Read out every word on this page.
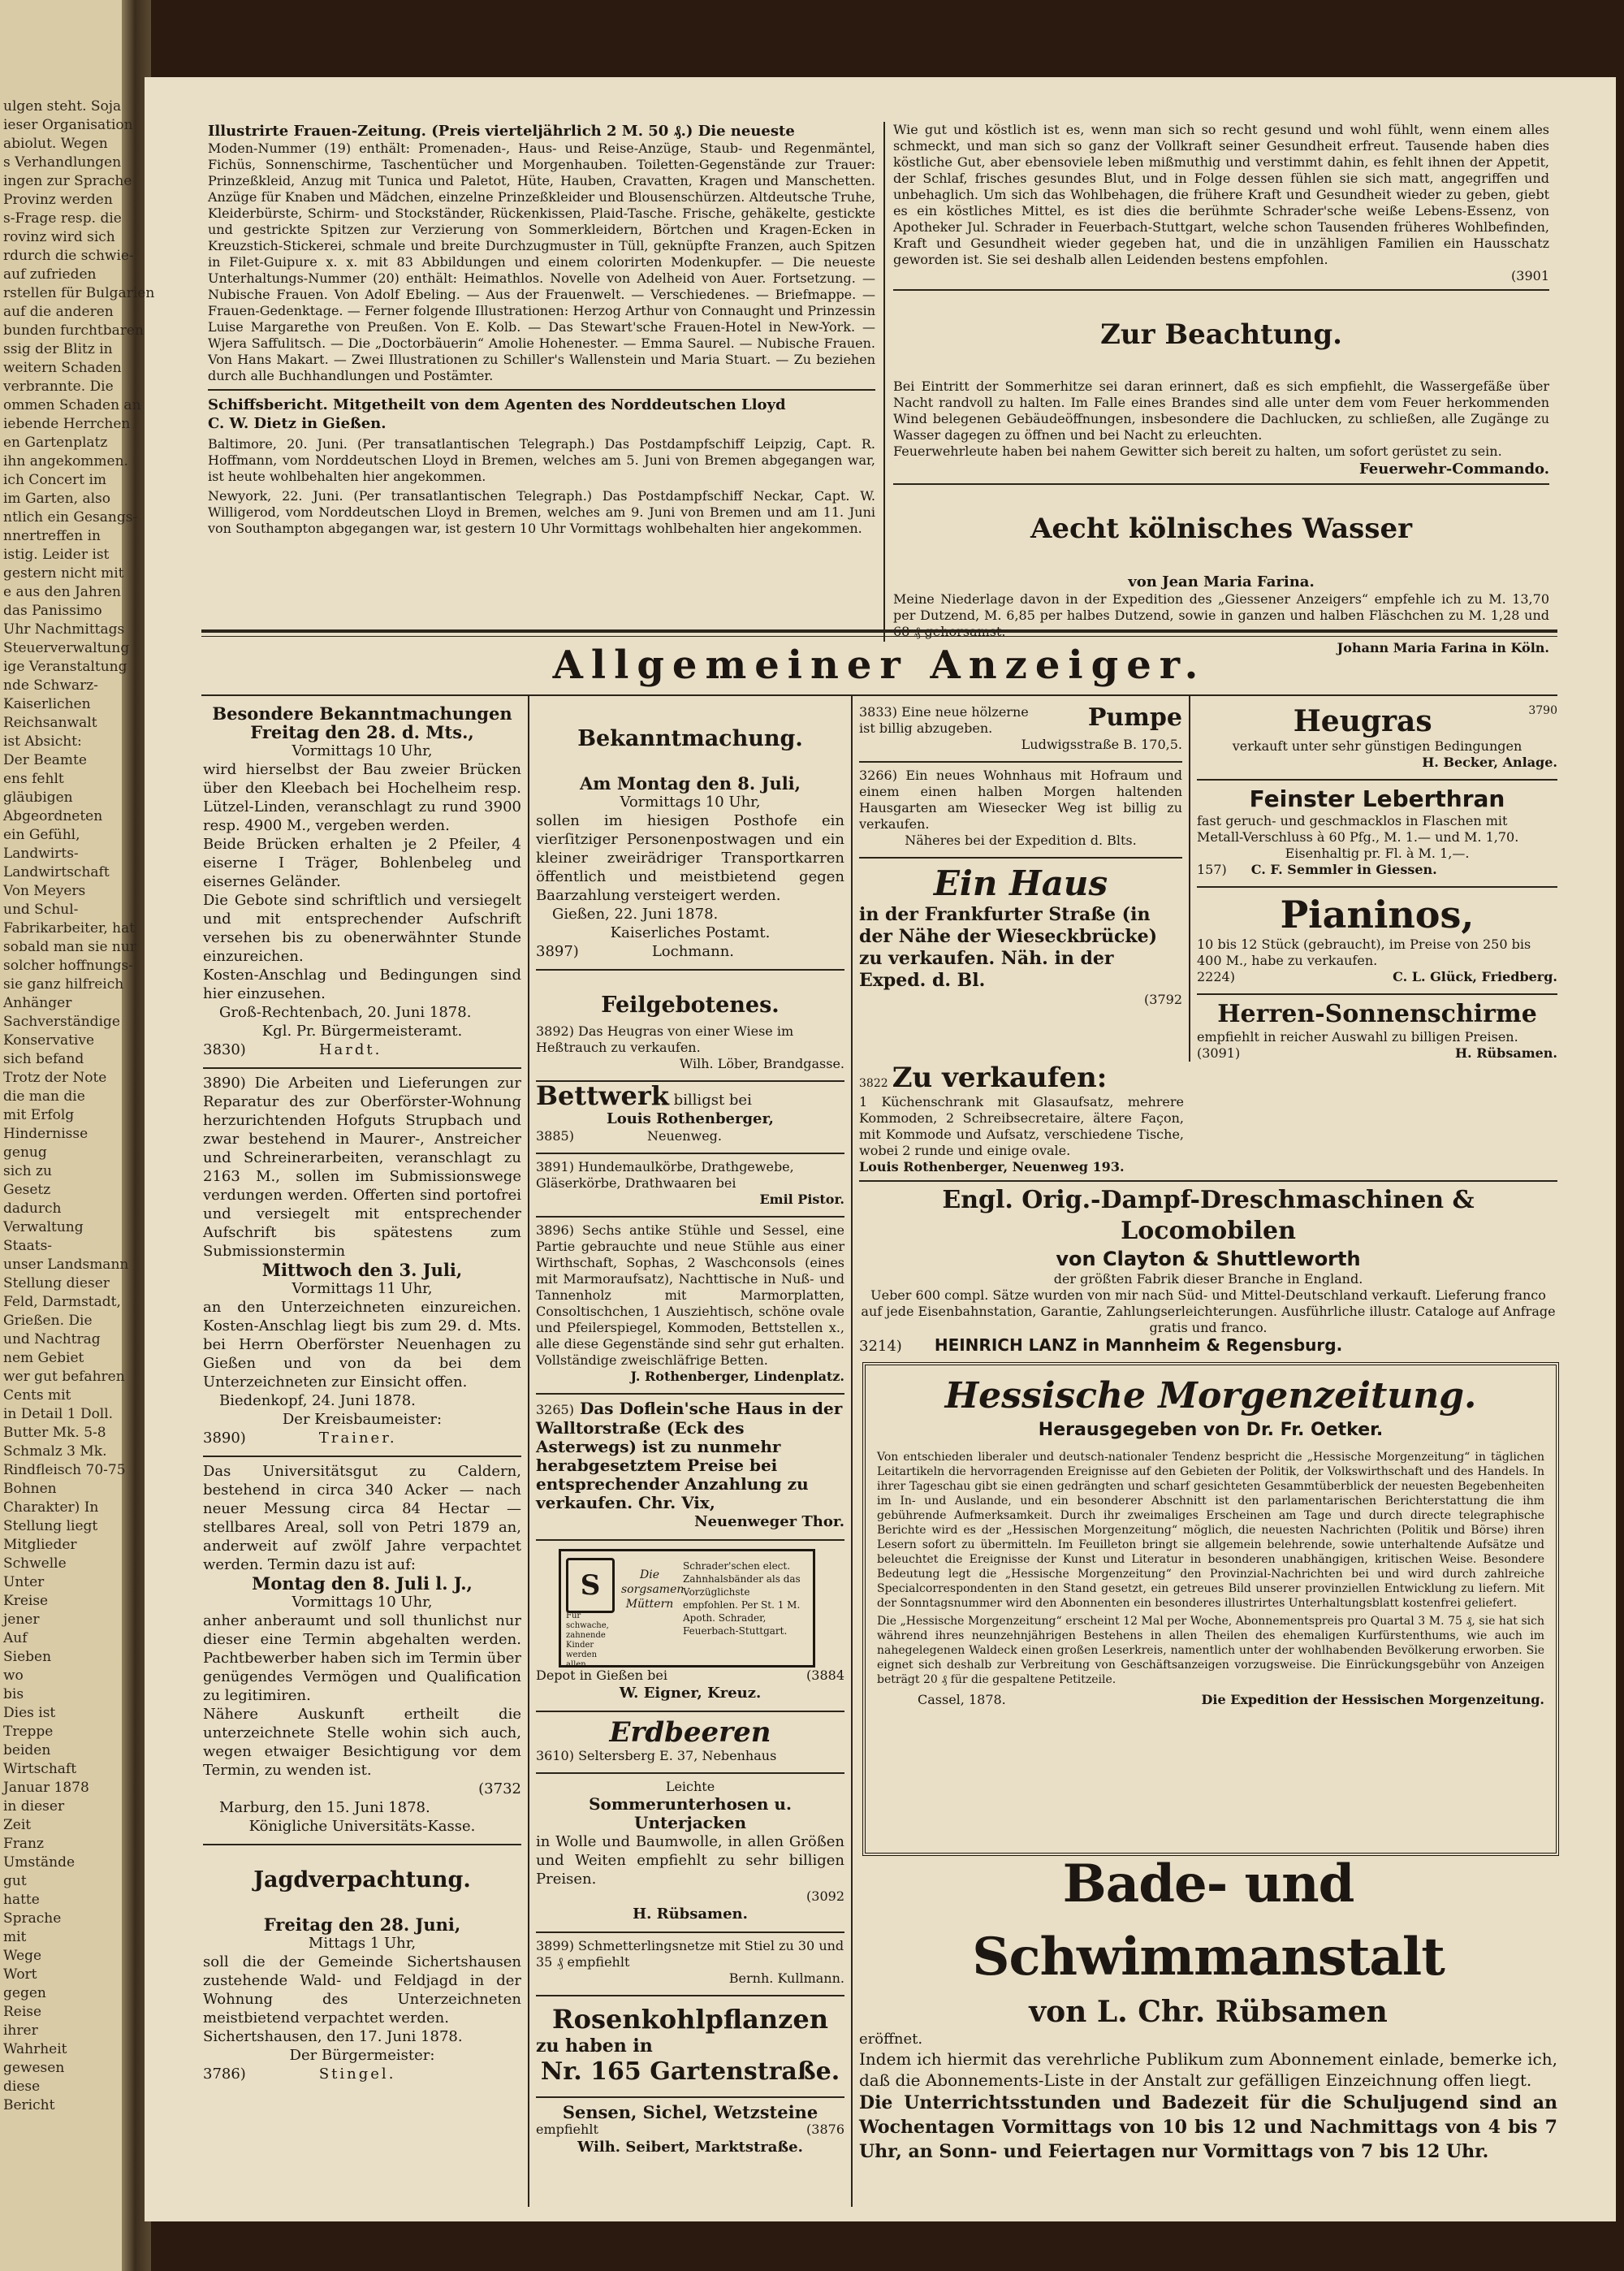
Illustrirte Frauen-Zeitung. (Preis vierteljährlich 2 M. 50 ₰.) Die neueste

Moden-Nummer (19) enthält: Promenaden-, Haus- und Reise-Anzüge, Staub- und Regenmäntel, Fichüs, Sonnenschirme, Taschentücher und Morgenhauben. Toiletten-Gegenstände zur Trauer: Prinzeßkleid, Anzug mit Tunica und Paletot, Hüte, Hauben, Cravatten, Kragen und Manschetten. Anzüge für Knaben und Mädchen, einzelne Prinzeßkleider und Blousenschürzen. Altdeutsche Truhe, Kleiderbürste, Schirm- und Stockständer, Rückenkissen, Plaid-Tasche. Frische, gehäkelte, gestickte und gestrickte Spitzen zur Verzierung von Sommerkleidern, Börtchen und Kragen-Ecken in Kreuzstich-Stickerei, schmale und breite Durchzugmuster in Tüll, geknüpfte Franzen, auch Spitzen in Filet-Guipure x. x. mit 83 Abbildungen und einem colorirten Modenkupfer. — Die neueste Unterhaltungs-Nummer (20) enthält: Heimathlos. Novelle von Adelheid von Auer. Fortsetzung. — Nubische Frauen. Von Adolf Ebeling. — Aus der Frauenwelt. — Verschiedenes. — Briefmappe. — Frauen-Gedenktage. — Ferner folgende Illustrationen: Herzog Arthur von Connaught und Prinzessin Luise Margarethe von Preußen. Von E. Kolb. — Das Stewart'sche Frauen-Hotel in New-York. — Wjera Saffulitsch. — Die „Doctorbäuerin“ Amolie Hohenester. — Emma Saurel. — Nubische Frauen. Von Hans Makart. — Zwei Illustrationen zu Schiller's Wallenstein und Maria Stuart. — Zu beziehen durch alle Buchhandlungen und Postämter.

Schiffsbericht. Mitgetheilt von dem Agenten des Norddeutschen Lloyd

C. W. Dietz in Gießen.

Baltimore, 20. Juni. (Per transatlantischen Telegraph.) Das Postdampfschiff Leipzig, Capt. R. Hoffmann, vom Norddeutschen Lloyd in Bremen, welches am 5. Juni von Bremen abgegangen war, ist heute wohlbehalten hier angekommen.

Newyork, 22. Juni. (Per transatlantischen Telegraph.) Das Postdampfschiff Neckar, Capt. W. Willigerod, vom Norddeutschen Lloyd in Bremen, welches am 9. Juni von Bremen und am 11. Juni von Southampton abgegangen war, ist gestern 10 Uhr Vormittags wohlbehalten hier angekommen.

Wie gut und köstlich ist es, wenn man sich so recht gesund und wohl fühlt, wenn einem alles schmeckt, und man sich so ganz der Vollkraft seiner Gesundheit erfreut. Tausende haben dies köstliche Gut, aber ebensoviele leben mißmuthig und verstimmt dahin, es fehlt ihnen der Appetit, der Schlaf, frisches gesundes Blut, und in Folge dessen fühlen sie sich matt, angegriffen und unbehaglich. Um sich das Wohlbehagen, die frühere Kraft und Gesundheit wieder zu geben, giebt es ein köstliches Mittel, es ist dies die berühmte Schrader'sche weiße Lebens-Essenz, von Apotheker Jul. Schrader in Feuerbach-Stuttgart, welche schon Tausenden früheres Wohlbefinden, Kraft und Gesundheit wieder gegeben hat, und die in unzähligen Familien ein Hausschatz geworden ist. Sie sei deshalb allen Leidenden bestens empfohlen.

(3901

Zur Beachtung.

Bei Eintritt der Sommerhitze sei daran erinnert, daß es sich empfiehlt, die Wassergefäße über Nacht randvoll zu halten. Im Falle eines Brandes sind alle unter dem vom Feuer herkommenden Wind belegenen Gebäudeöffnungen, insbesondere die Dachlucken, zu schließen, alle Zugänge zu Wasser dagegen zu öffnen und bei Nacht zu erleuchten.

Feuerwehrleute haben bei nahem Gewitter sich bereit zu halten, um sofort gerüstet zu sein.

Feuerwehr-Commando.

Aecht kölnisches Wasser

von Jean Maria Farina.

Meine Niederlage davon in der Expedition des „Giessener Anzeigers“ empfehle ich zu M. 13,70 per Dutzend, M. 6,85 per halbes Dutzend, sowie in ganzen und halben Fläschchen zu M. 1,28 und

Johann Maria Farina in Köln.

Allgemeiner Anzeiger.

Besondere Bekanntmachungen

Freitag den 28. d. Mts.,

Vormittags 10 Uhr,

wird hierselbst der Bau zweier Brücken über den Kleebach bei Hochelheim resp. Lützel-Linden, veranschlagt zu rund 3900 resp. 4900 M., vergeben werden.

Beide Brücken erhalten je 2 Pfeiler, 4 eiserne I Träger, Bohlenbeleg und eisernes Geländer.

Die Gebote sind schriftlich und versiegelt und mit entsprechender Aufschrift versehen bis zu obenerwähnter Stunde einzureichen.

Kosten-Anschlag und Bedingungen sind hier einzusehen.

Groß-Rechtenbach, 20. Juni 1878.

Kgl. Pr. Bürgermeisteramt.

3830)	Hardt.

3890) Die Arbeiten und Lieferungen zur Reparatur des zur Oberförster-Wohnung herzurichtenden Hofguts Strupbach und zwar bestehend in Maurer-, Anstreicher und Schreinerarbeiten, veranschlagt zu 2163 M., sollen im Submissionswege verdungen werden. Offerten sind portofrei und versiegelt mit entsprechender Aufschrift bis spätestens zum Submissionstermin

Mittwoch den 3. Juli,

Vormittags 11 Uhr,

an den Unterzeichneten einzureichen. Kosten-Anschlag liegt bis zum 29. d. Mts. bei Herrn Oberförster Neuenhagen zu Gießen und von da bei dem Unterzeichneten zur Einsicht offen.

Biedenkopf, 24. Juni 1878.

Der Kreisbaumeister:

3890)	Trainer.

Das Universitätsgut zu Caldern, bestehend in circa 340 Acker — nach neuer Messung circa 84 Hectar — stellbares Areal, soll von Petri 1879 an, anderweit auf zwölf Jahre verpachtet werden. Termin dazu ist auf:

Montag den 8. Juli l. J.,

Vormittags 10 Uhr,

anher anberaumt und soll thunlichst nur dieser eine Termin abgehalten werden. Pachtbewerber haben sich im Termin über genügendes Vermögen und Qualification zu legitimiren.

Nähere Auskunft ertheilt die unterzeichnete Stelle wohin sich auch, wegen etwaiger Besichtigung vor dem Termin, zu wenden ist.

(3732

Marburg, den 15. Juni 1878.

Königliche Universitäts-Kasse.

Jagdverpachtung.

Freitag den 28. Juni,

Mittags 1 Uhr,

soll die der Gemeinde Sichertshausen zustehende Wald- und Feldjagd in der Wohnung des Unterzeichneten meistbietend verpachtet werden.

Sichertshausen, den 17. Juni 1878.

Der Bürgermeister:

3786)	Stingel.

Bekanntmachung.

Am Montag den 8. Juli,

Vormittags 10 Uhr,

sollen im hiesigen Posthofe ein vierſitziger Personenpostwagen und ein kleiner zweirädriger Transportkarren öffentlich und meistbietend gegen Baarzahlung versteigert werden.

Gießen, 22. Juni 1878.

Kaiserliches Postamt.

3897)	Lochmann.

Feilgebotenes.

3892) Das Heugras von einer Wiese im Heßtrauch zu verkaufen.

Wilh. Löber, Brandgasse.

Bettwerk billigst bei

Louis Rothenberger,

3885)	Neuenweg.

3891) Hundemaulkörbe, Drathgewebe, Gläserkörbe, Drathwaaren bei

Emil Pistor.

3896) Sechs antike Stühle und Sessel, eine Partie gebrauchte und neue Stühle aus einer Wirthschaft, Sophas, 2 Waschconsols (eines mit Marmoraufsatz), Nachttische in Nuß- und Tannenholz mit Marmorplatten, Consoltischchen, 1 Ausziehtisch, schöne ovale und Pfeilerspiegel, Kommoden, Bettstellen x., alle diese Gegenstände sind sehr gut erhalten. Vollständige zweischläfrige Betten.

J. Rothenberger, Lindenplatz.

3265) Das Doflein'sche Haus in der Walltorstraße (Eck des Asterwegs) ist zu nunmehr herabgesetztem Preise bei entsprechender Anzahlung zu verkaufen. Chr. Vix,

Neuenweger Thor.

S

Für schwache, zahnende Kinder werden allen

Die sorgsamen Müttern

Schrader'schen elect. Zahnhalsbänder als das Vorzüglichste empfohlen. Per St. 1 M. Apoth. Schrader, Feuerbach-Stuttgart.

Depot in Gießen bei	(3884

W. Eigner, Kreuz.

Erdbeeren

3610) Seltersberg E. 37, Nebenhaus

Leichte

Sommerunterhosen u. Unterjacken

in Wolle und Baumwolle, in allen Größen und Weiten empfiehlt zu sehr billigen Preisen.

(3092

H. Rübsamen.

3899) Schmetterlingsnetze mit Stiel zu 30 und 35 ₰ empfiehlt

Bernh. Kullmann.

Rosenkohlpflanzen

zu haben in

Nr. 165 Gartenstraße.

Sensen, Sichel, Wetzsteine

empfiehlt	(3876

Wilh. Seibert, Marktstraße.

3833) Eine neue hölzerne Pumpe

ist billig abzugeben.

Ludwigsstraße B. 170,5.

3266) Ein neues Wohnhaus mit Hofraum und einem einen halben Morgen haltenden Hausgarten am Wiesecker Weg ist billig zu verkaufen.

Näheres bei der Expedition d. Blts.

Ein Haus

in der Frankfurter Straße (in der Nähe der Wieseckbrücke) zu verkaufen. Näh. in der Exped. d. Bl.

(3792

3822 Zu verkaufen:

1 Küchenschrank mit Glasaufsatz, mehrere Kommoden, 2 Schreibsecretaire, ältere Façon, mit Kommode und Aufsatz, verschiedene Tische, wobei 2 runde und einige ovale.

Louis Rothenberger, Neuenweg 193.

Heugras	3790

verkauft unter sehr günstigen Bedingungen

H. Becker, Anlage.

Feinster Leberthran

fast geruch- und geschmacklos in Flaschen mit Metall-Verschluss à 60 Pfg., M. 1.— und M. 1,70.

Eisenhaltig pr. Fl. à M. 1,—.

157) C. F. Semmler in Giessen.

Pianinos,

10 bis 12 Stück (gebraucht), im Preise von 250 bis 400 M., habe zu verkaufen.

2224)	C. L. Glück, Friedberg.

Herren-Sonnenschirme

empfiehlt in reicher Auswahl zu billigen Preisen.

(3091)	H. Rübsamen.

Engl. Orig.-Dampf-Dreschmaschinen & Locomobilen

von Clayton & Shuttleworth

der größten Fabrik dieser Branche in England.

Ueber 600 compl. Sätze wurden von mir nach Süd- und Mittel-Deutschland verkauft. Lieferung franco auf jede Eisenbahnstation, Garantie, Zahlungserleichterungen. Ausführliche illustr. Cataloge auf Anfrage gratis und franco.

3214) HEINRICH LANZ in Mannheim & Regensburg.

Hessische Morgenzeitung.

Herausgegeben von Dr. Fr. Oetker.

Von entschieden liberaler und deutsch-nationaler Tendenz bespricht die „Hessische Morgenzeitung“ in täglichen Leitartikeln die hervorragenden Ereignisse auf den Gebieten der Politik, der Volkswirthschaft und des Handels. In ihrer Tageschau gibt sie einen gedrängten und scharf gesichteten Gesammtüberblick der neuesten Begebenheiten im In- und Auslande, und ein besonderer Abschnitt ist den parlamentarischen Berichterstattung die ihm gebührende Aufmerksamkeit. Durch ihr zweimaliges Erscheinen am Tage und durch directe telegraphische Berichte wird es der „Hessischen Morgenzeitung“ möglich, die neuesten Nachrichten (Politik und Börse) ihren Lesern sofort zu übermitteln. Im Feuilleton bringt sie allgemein belehrende, sowie unterhaltende Aufsätze und beleuchtet die Ereignisse der Kunst und Literatur in besonderen unabhängigen, kritischen Weise. Besondere Bedeutung legt die „Hessische Morgenzeitung“ den Provinzial-Nachrichten bei und wird durch zahlreiche Specialcorrespondenten in den Stand gesetzt, ein getreues Bild unserer provinziellen Entwicklung zu liefern. Mit der Sonntagsnummer wird den Abonnenten ein besonderes illustrirtes Unterhaltungsblatt kostenfrei geliefert.

Die „Hessische Morgenzeitung“ erscheint 12 Mal per Woche, Abonnementspreis pro Quartal 3 M. 75 ₰, sie hat sich während ihres neunzehnjährigen Bestehens in allen Theilen des ehemaligen Kurfürstenthums, wie auch im nahegelegenen Waldeck einen großen Leserkreis, namentlich unter der wohlhabenden Bevölkerung erworben. Sie eignet sich deshalb zur Verbreitung von Geschäftsanzeigen vorzugsweise. Die Einrückungsgebühr von Anzeigen beträgt 20 ₰ für die gespaltene Petitzeile.

Cassel, 1878.	Die Expedition der Hessischen Morgenzeitung.

Bade- und Schwimmanstalt

von L. Chr. Rübsamen

eröffnet.

Indem ich hiermit das verehrliche Publikum zum Abonnement einlade, bemerke ich, daß die Abonnements-Liste in der Anstalt zur gefälligen Einzeichnung offen liegt.

Die Unterrichtsstunden und Badezeit für die Schuljugend sind an Wochentagen Vormittags von 10 bis 12 und Nachmittags von 4 bis 7 Uhr, an Sonn- und Feiertagen nur Vormittags von 7 bis 12 Uhr.

ulgen steht. Soja
ieser Organisation
abiolut. Wegen
s Verhandlungen
ingen zur Sprache
Provinz werden
s-Frage resp. die
rovinz wird sich
rdurch die schwie-
auf zufrieden
rstellen für Bulgarien
auf die anderen
bunden furchtbaren
ssig der Blitz in
weitern Schaden
verbrannte. Die
ommen Schaden an
iebende Herrchen
en Gartenplatz
ihn angekommen.
ich Concert im
im Garten, also
ntlich ein Gesangs-
nnertreffen in
istig. Leider ist
gestern nicht mit
e aus den Jahren
das Panissimo
Uhr Nachmittags
Steuerverwaltung
ige Veranstaltung
nde Schwarz-
Kaiserlichen
Reichsanwalt
ist Absicht:
Der Beamte
ens fehlt
gläubigen
Abgeordneten
ein Gefühl,
Landwirts-
Landwirtschaft
Von Meyers
und Schul-
Fabrikarbeiter, hat
sobald man sie nur
solcher hoffnungs-
sie ganz hilfreich
Anhänger
Sachverständige
Konservative
sich befand
Trotz der Note
die man die
mit Erfolg
Hindernisse
genug
sich zu
Gesetz
dadurch
Verwaltung
Staats-
unser Landsmann
Stellung dieser
Feld, Darmstadt,
Grießen. Die
und Nachtrag
nem Gebiet
wer gut befahren
Cents mit
in Detail 1 Doll.
Butter Mk. 5-8
Schmalz 3 Mk.
Rindfleisch 70-75
Bohnen
Charakter) In
Stellung liegt
Mitglieder
Schwelle
Unter
Kreise
jener
Auf
Sieben
wo
bis
Dies ist
Treppe
beiden
Wirtschaft
Januar 1878
in dieser
Zeit
Franz
Umstände
gut
hatte
Sprache
mit
Wege
Wort
gegen
Reise
ihrer
Wahrheit
gewesen
diese
Bericht
